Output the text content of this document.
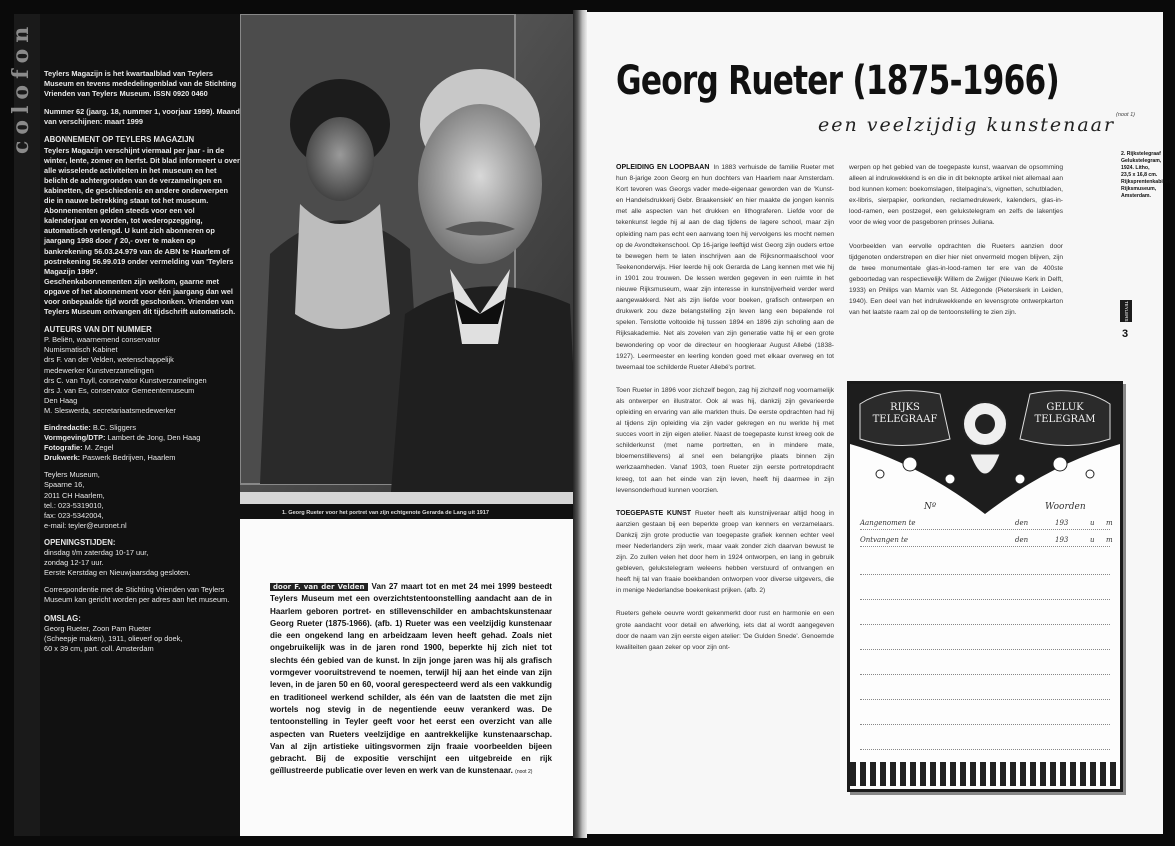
colofon Teylers Magazijn is het kwartaalblad van Teylers Museum en tevens mededelingenblad van de Stichting Vrienden van Teylers Museum. ISSN 0920 0460

Nummer 62 (jaarg. 18, nummer 1, voorjaar 1999). Maand van verschijnen: maart 1999

ABONNEMENT OP TEYLERS MAGAZIJN

Teylers Magazijn verschijnt viermaal per jaar - in de winter, lente, zomer en herfst. Dit blad informeert u over alle wisselende activiteiten in het museum en het belicht de achtergronden van de verzamelingen en kabinetten, de geschiedenis en andere onderwerpen die in nauwe betrekking staan tot het museum.

Abonnementen gelden steeds voor een vol kalenderjaar en worden, tot wederopzegging, automatisch verlengd. U kunt zich abonneren op jaargang 1998 door ƒ 20,- over te maken op bankrekening 56.03.24.979 van de ABN te Haarlem of postrekening 56.99.019 onder vermelding van 'Teylers Magazijn 1999'.

Geschenkabonnementen zijn welkom, gaarne met opgave of het abonnement voor één jaargang dan wel voor onbepaalde tijd wordt geschonken. Vrienden van Teylers Museum ontvangen dit tijdschrift automatisch.

AUTEURS VAN DIT NUMMER
P. Beliën, waarnemend conservator
Numismatisch Kabinet
drs F. van der Velden, wetenschappelijk
medewerker Kunstverzamelingen
drs C. van Tuyll, conservator Kunstverzamelingen
drs J. van Es, conservator Gemeentemuseum
Den Haag
M. Sleswerda, secretariaatsmedewerker
Eindredactie: B.C. Sliggers
Vormgeving/DTP: Lambert de Jong, Den Haag
Fotografie: M. Zegel
Drukwerk: Paswerk Bedrijven, Haarlem
Teylers Museum,
Spaarne 16,
2011 CH Haarlem,
tel.: 023-5319010,
fax: 023-5342004,
e-mail: teyler@euronet.nl
OPENINGSTIJDEN:
dinsdag t/m zaterdag 10-17 uur,
zondag 12-17 uur.
Eerste Kerstdag en Nieuwjaarsdag gesloten.

Correspondentie met de Stichting Vrienden van Teylers Museum kan gericht worden per adres aan het museum.

OMSLAG:
Georg Rueter, Zoon Pam Rueter
(Scheepje maken), 1911, olieverf op doek,
60 x 39 cm, part. coll. Amsterdam
1. Georg Rueter voor het portret van zijn echtgenote Gerarda de Lang uit 1917
door F. van der Velden Van 27 maart tot en met 24 mei 1999 besteedt Teylers Museum met een overzichtstentoonstelling aandacht aan de in Haarlem geboren portret- en stillevenschilder en ambachtskunstenaar Georg Rueter (1875-1966). (afb. 1) Rueter was een veelzijdig kunstenaar die een ongekend lang en arbeidzaam leven heeft gehad. Zoals niet ongebruikelijk was in de jaren rond 1900, beperkte hij zich niet tot slechts één gebied van de kunst. In zijn jonge jaren was hij als grafisch vormgever vooruitstrevend te noemen, terwijl hij aan het einde van zijn leven, in de jaren 50 en 60, vooral gerespecteerd werd als een vakkundig en traditioneel werkend schilder, als één van de laatsten die met zijn wortels nog stevig in de negentiende eeuw verankerd was. De tentoonstelling in Teyler geeft voor het eerst een overzicht van alle aspecten van Rueters veelzijdige en aantrekkelijke kunstenaarschap. Van al zijn artistieke uitingsvormen zijn fraaie voorbeelden bijeen gebracht. Bij de expositie verschijnt een uitgebreide en rijk geïllustreerde publicatie over leven en werk van de kunstenaar. (noot 2)
Georg Rueter (1875-1966)
een veelzijdig kunstenaar (noot 1)

OPLEIDING EN LOOPBAAN In 1883 verhuisde de familie Rueter met hun 8-jarige zoon Georg en hun dochters van Haarlem naar Amsterdam. Kort tevoren was Georgs vader mede-eigenaar geworden van de 'Kunst- en Handelsdrukkerij Gebr. Braakensiek' en hier maakte de jongen kennis met alle aspecten van het drukken en lithograferen. Liefde voor de tekenkunst legde hij al aan de dag tijdens de lagere school, maar zijn opleiding nam pas echt een aanvang toen hij vervolgens les mocht nemen op de Avondtekenschool. Op 16-jarige leeftijd wist Georg zijn ouders ertoe te bewegen hem te laten inschrijven aan de Rijksnormaalschool voor Teekenonderwijs. Hier leerde hij ook Gerarda de Lang kennen met wie hij in 1901 zou trouwen. De lessen werden gegeven in een ruimte in het nieuwe Rijksmuseum, waar zijn interesse in kunstnijverheid verder werd aangewakkerd. Net als zijn liefde voor boeken, grafisch ontwerpen en drukwerk zou deze belangstelling zijn leven lang een bepalende rol spelen. Tenslotte voltooide hij tussen 1894 en 1896 zijn scholing aan de Rijksakademie. Net als zovelen van zijn generatie vatte hij er een grote bewondering op voor de directeur en hoogleraar August Allebé (1838-1927). Leermeester en leerling konden goed met elkaar overweg en tot tweemaal toe schilderde Rueter Allebé's portret.

Toen Rueter in 1896 voor zichzelf begon, zag hij zichzelf nog voornamelijk als ontwerper en illustrator. Ook al was hij, dankzij zijn gevarieerde opleiding en ervaring van alle markten thuis. De eerste opdrachten had hij al tijdens zijn opleiding via zijn vader gekregen en nu werkte hij met succes voort in zijn eigen atelier. Naast de toegepaste kunst kreeg ook de schilderkunst (met name portretten, en in mindere mate, bloemenstillevens) al snel een belangrijke plaats binnen zijn werkzaamheden. Vanaf 1903, toen Rueter zijn eerste portretopdracht kreeg, tot aan het einde van zijn leven, heeft hij daarmee in zijn levensonderhoud kunnen voorzien.

TOEGEPASTE KUNST Rueter heeft als kunstnijveraar altijd hoog in aanzien gestaan bij een beperkte groep van kenners en verzamelaars. Dankzij zijn grote productie van toegepaste grafiek kennen echter veel meer Nederlanders zijn werk, maar vaak zonder zich daarvan bewust te zijn. Zo zullen velen het door hem in 1924 ontworpen, en lang in gebruik gebleven, geluksteIegram weleens hebben verstuurd of ontvangen en heeft hij tal van fraaie boekbanden ontworpen voor diverse uitgevers, die in menige Nederlandse boekenkast prijken. (afb. 2)

Rueters gehele oeuvre wordt gekenmerkt door rust en harmonie en een grote aandacht voor detail en afwerking, iets dat al wordt aangegeven door de naam van zijn eerste eigen atelier: 'De Gulden Snede'. Genoemde kwaliteiten gaan zeker op voor zijn ont-

werpen op het gebied van de toegepaste kunst, waarvan de opsomming alleen al indrukwekkend is en die in dit beknopte artikel niet allemaal aan bod kunnen komen: boekomslagen, titelpagina's, vignetten, schutbladen, ex-libris, sierpapier, oorkonden, reclamedrukwerk, kalenders, glas-in-lood-ramen, een postzegel, een gelukstelegram en zelfs de lakentjes voor de wieg voor de pasgeboren prinses Juliana.

Voorbeelden van eervolle opdrachten die Rueters aanzien door tijdgenoten onderstrepen en dier hier niet onvermeld mogen blijven, zijn de twee monumentale glas-in-lood-ramen ter ere van de 400ste geboortedag van respectievelijk Willem de Zwijger (Nieuwe Kerk in Delft, 1933) en Philips van Marnix van St. Aldegonde (Pieterskerk in Leiden, 1940). Een deel van het indrukwekkende en levensgrote ontwerpkarton van het laatste raam zal op de tentoonstelling te zien zijn.

2. Rijkstelegraaf Gelukstelegram, 1924. Litho, 23,5 x 16,8 cm. Rijksprentenkabinet, Rijksmuseum, Amsterdam.
TEYLERS
3
RIJKS
TELEGRAAF
GELUK
TELEGRAM
Nº	Woorden
Aangenomen te	den	193	u m
Ontvangen te	den	193	u m
